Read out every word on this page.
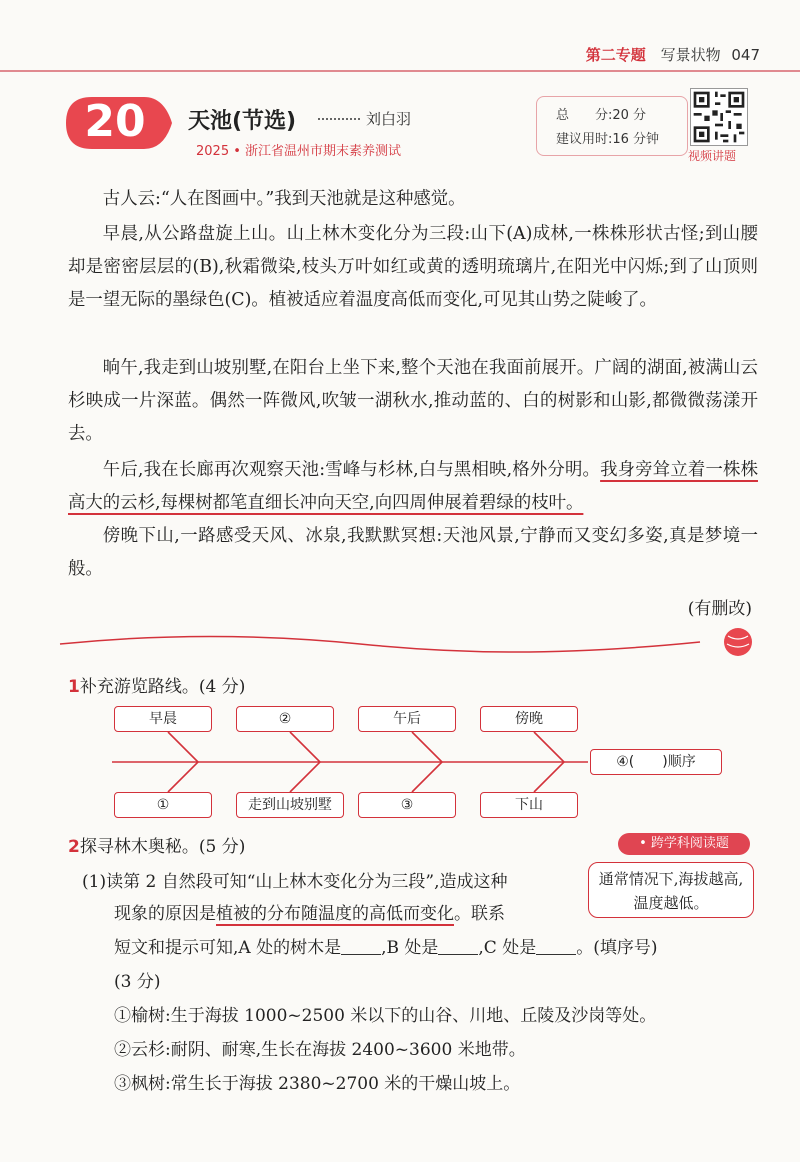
第二专题 写景状物 047
20 天池(节选)	刘白羽
2025 • 浙江省温州市期末素养测试
总　　分:20 分
建议用时:16 分钟
视频讲题

古人云:“人在图画中。”我到天池就是这种感觉。

早晨,从公路盘旋上山。山上林木变化分为三段:山下(A)成林,一株株形状古怪;到山腰却是密密层层的(B),秋霜微染,枝头万叶如红或黄的透明琉璃片,在阳光中闪烁;到了山顶则是一望无际的墨绿色(C)。植被适应着温度高低而变化,可见其山势之陡峻了。

晌午,我走到山坡别墅,在阳台上坐下来,整个天池在我面前展开。广阔的湖面,被满山云杉映成一片深蓝。偶然一阵微风,吹皱一湖秋水,推动蓝的、白的树影和山影,都微微荡漾开去。

午后,我在长廊再次观察天池:雪峰与杉林,白与黑相映,格外分明。我身旁耸立着一株株高大的云杉,每棵树都笔直细长冲向天空,向四周伸展着碧绿的枝叶。

傍晚下山,一路感受天风、冰泉,我默默冥想:天池风景,宁静而又变幻多姿,真是梦境一般。

(有删改)
1补充游览路线。(4 分)
早晨	②	午后	傍晚
①	走到山坡别墅	③	下山
④(　　)顺序
2探寻林木奥秘。(5 分)	• 跨学科阅读题
(1)读第 2 自然段可知“山上林木变化分为三段”,造成这种
现象的原因是植被的分布随温度的高低而变化。联系
短文和提示可知,A 处的树木是 ,B 处是 ,C 处是 。(填序号)
(3 分)
通常情况下,海拔越高,温度越低。
①榆树:生于海拔 1000~2500 米以下的山谷、川地、丘陵及沙岗等处。
②云杉:耐阴、耐寒,生长在海拔 2400~3600 米地带。
③枫树:常生长于海拔 2380~2700 米的干燥山坡上。
